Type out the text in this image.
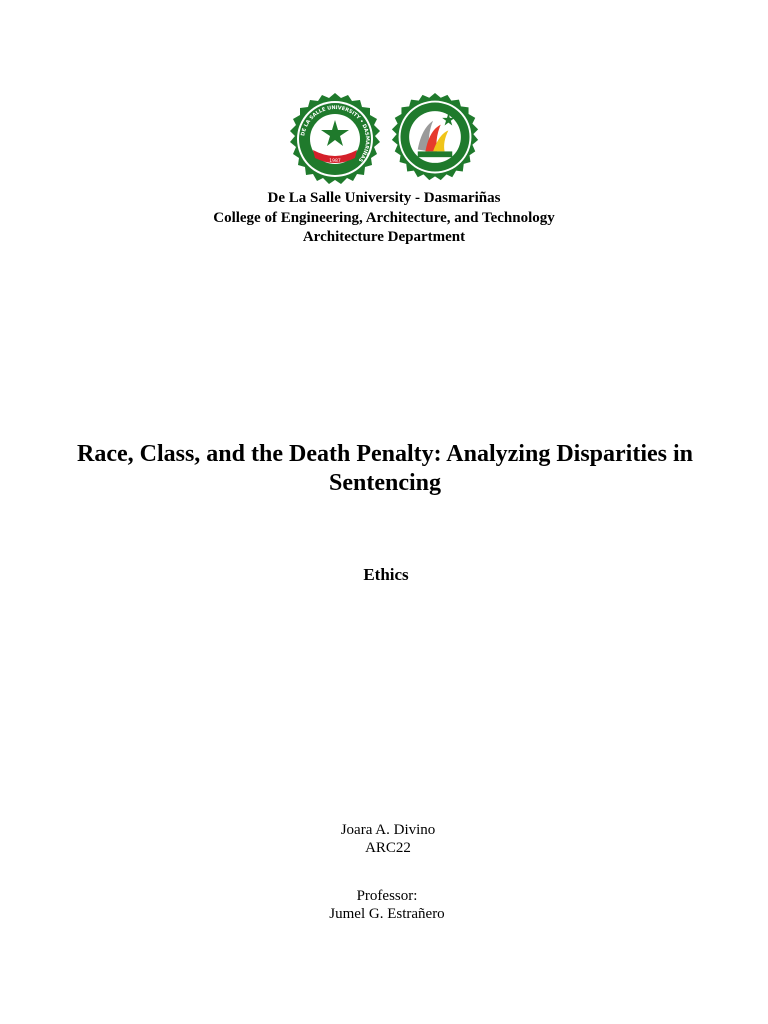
DE LA SALLE UNIVERSITY • DASMARIÑAS
1987
De La Salle University - Dasmariñas
College of Engineering, Architecture, and Technology
Architecture Department
Race, Class, and the Death Penalty: Analyzing Disparities in Sentencing
Ethics
Joara A. Divino
ARC22
Professor:
Jumel G. Estrañero
